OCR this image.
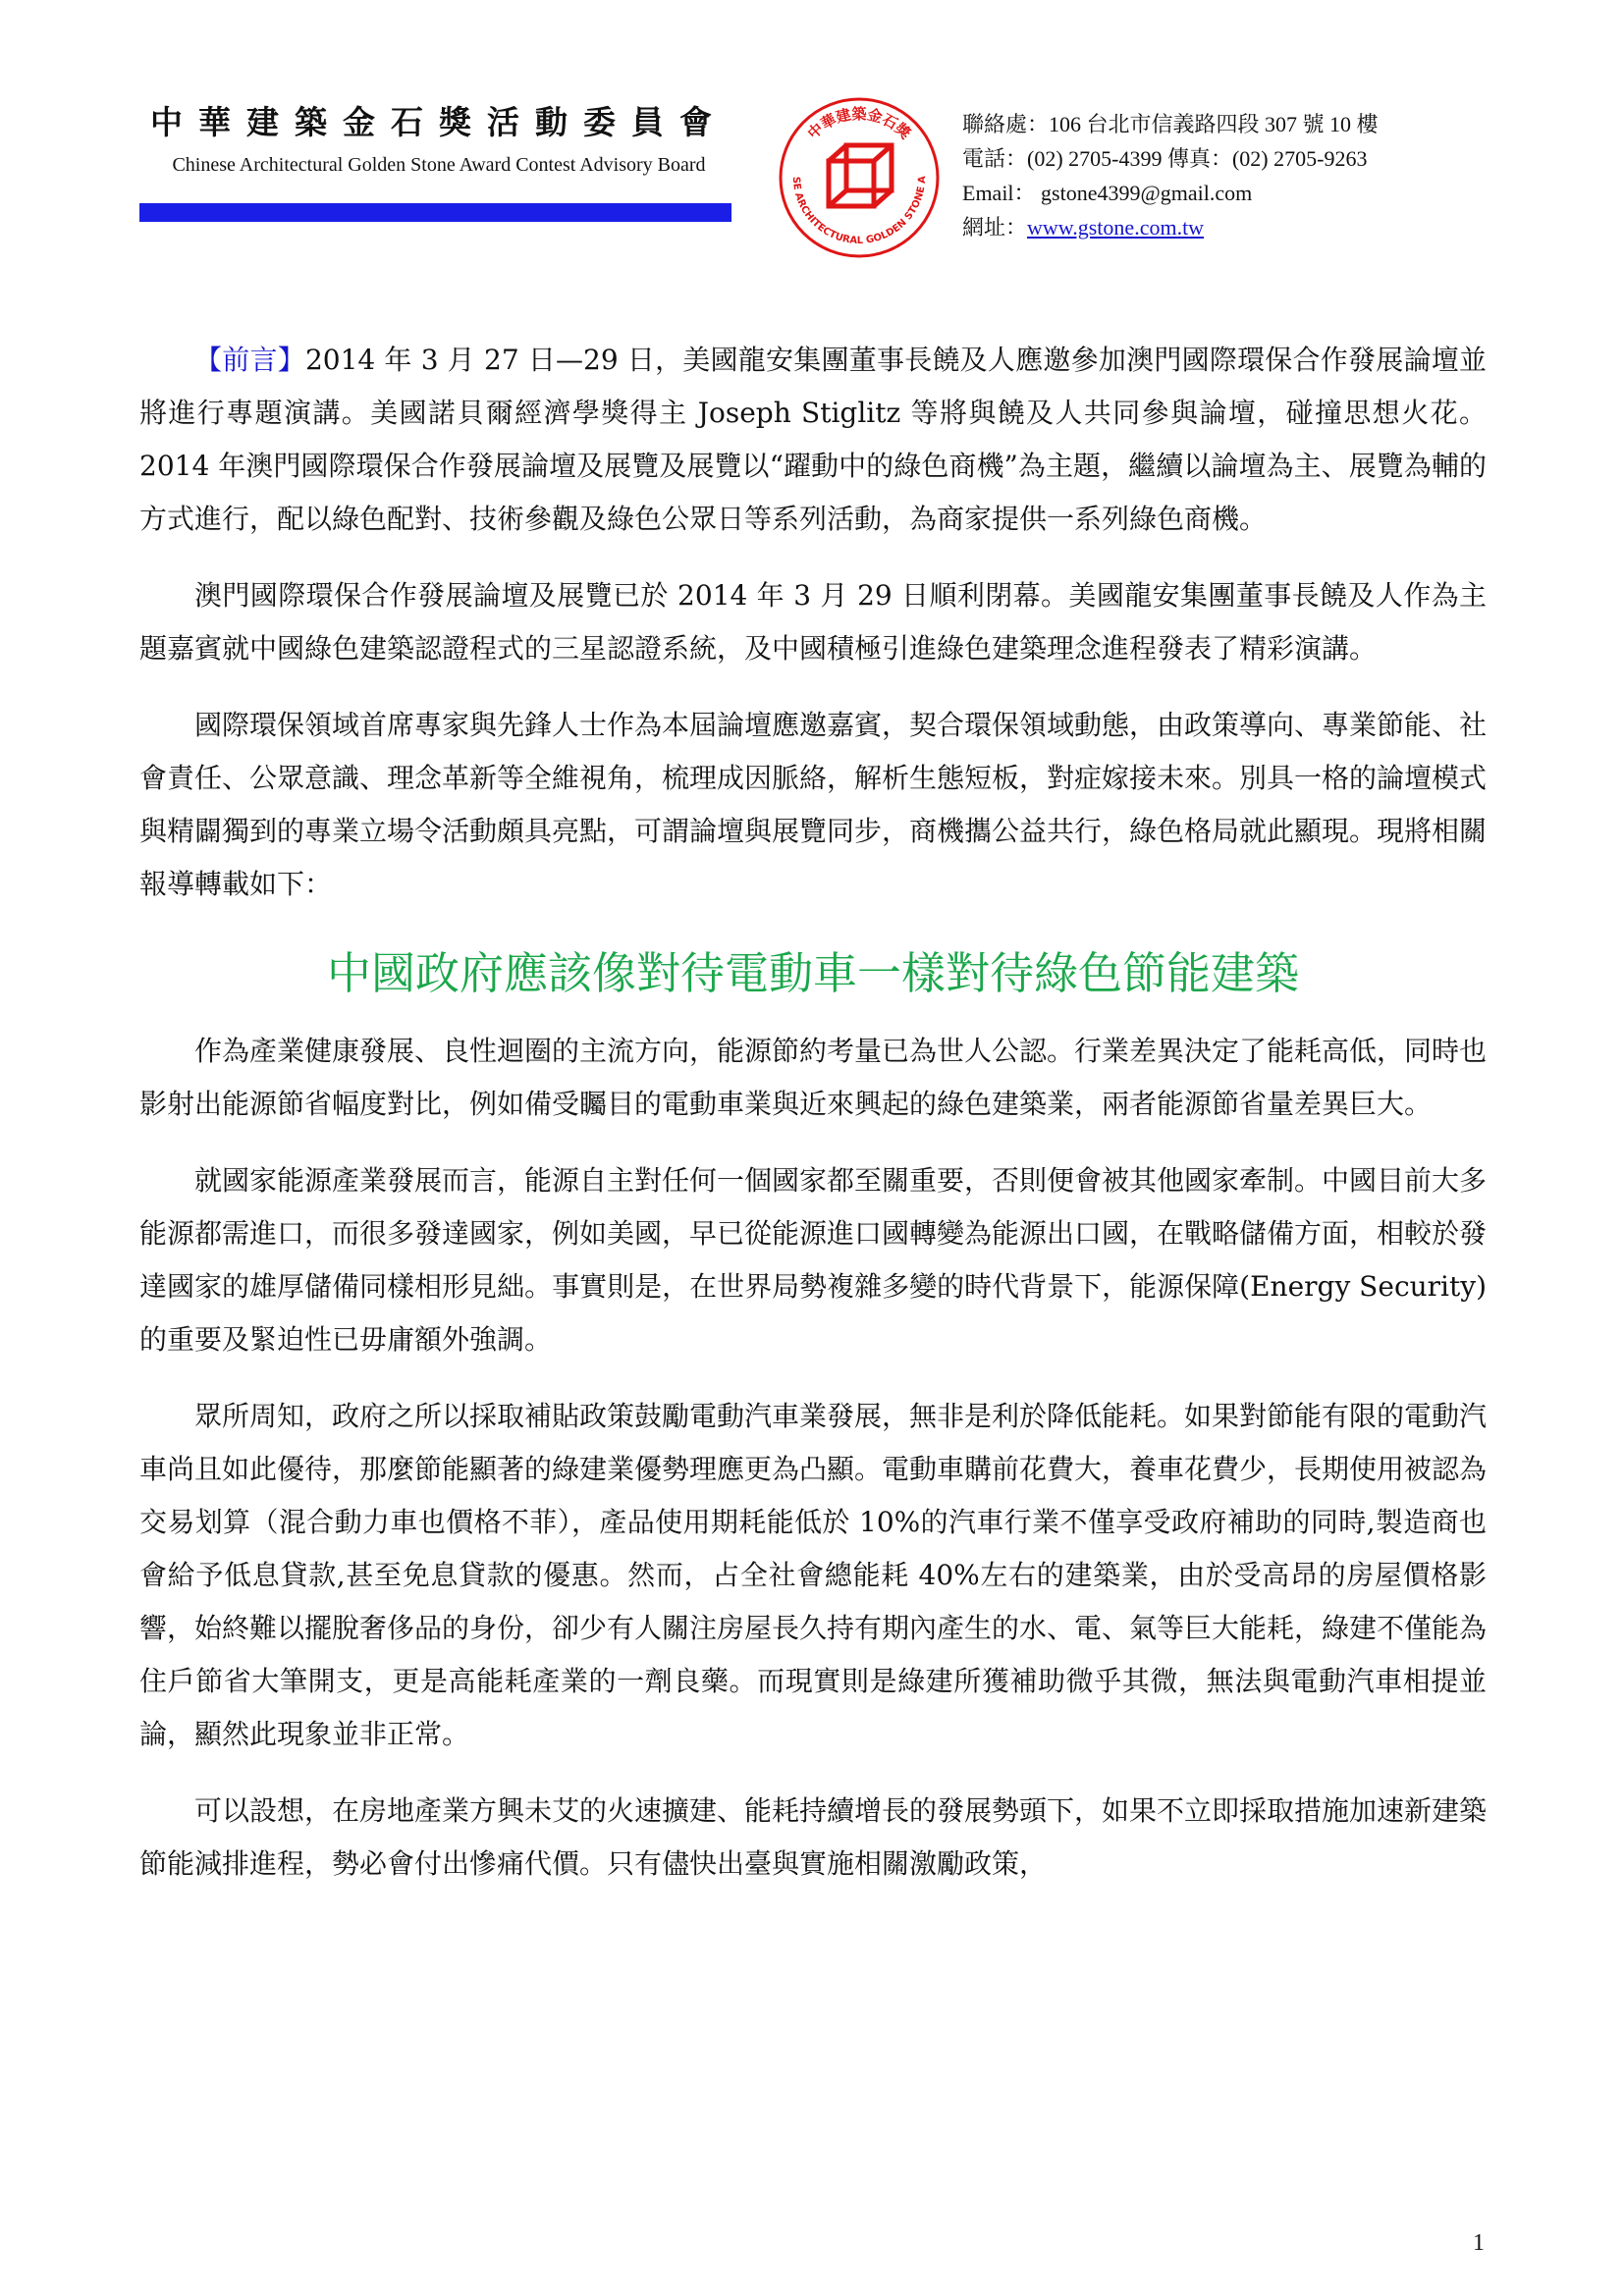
中華建築金石獎活動委員會
Chinese Architectural Golden Stone Award Contest Advisory Board
中華建築金石獎
SE ARCHITECTURAL GOLDEN STONE A
聯絡處：106 台北市信義路四段 307 號 10 樓
電話：(02) 2705-4399 傳真：(02) 2705-9263
Email： gstone4399@gmail.com
網址：www.gstone.com.tw

【前言】2014 年 3 月 27 日—29 日，美國龍安集團董事長饒及人應邀參加澳門國際環保合作發展論壇並將進行專題演講。美國諾貝爾經濟學獎得主 Joseph Stiglitz 等將與饒及人共同參與論壇，碰撞思想火花。 2014 年澳門國際環保合作發展論壇及展覽及展覽以“躍動中的綠色商機”為主題，繼續以論壇為主、展覽為輔的方式進行，配以綠色配對、技術參觀及綠色公眾日等系列活動，為商家提供一系列綠色商機。

澳門國際環保合作發展論壇及展覽已於 2014 年 3 月 29 日順利閉幕。美國龍安集團董事長饒及人作為主題嘉賓就中國綠色建築認證程式的三星認證系統，及中國積極引進綠色建築理念進程發表了精彩演講。

國際環保領域首席專家與先鋒人士作為本屆論壇應邀嘉賓，契合環保領域動態，由政策導向、專業節能、社會責任、公眾意識、理念革新等全維視角，梳理成因脈絡，解析生態短板，對症嫁接未來。別具一格的論壇模式與精闢獨到的專業立場令活動頗具亮點，可謂論壇與展覽同步，商機攜公益共行，綠色格局就此顯現。現將相關報導轉載如下：

中國政府應該像對待電動車一樣對待綠色節能建築

作為產業健康發展、良性迴圈的主流方向，能源節約考量已為世人公認。行業差異決定了能耗高低，同時也影射出能源節省幅度對比，例如備受矚目的電動車業與近來興起的綠色建築業，兩者能源節省量差異巨大。

就國家能源產業發展而言，能源自主對任何一個國家都至關重要，否則便會被其他國家牽制。中國目前大多能源都需進口，而很多發達國家，例如美國，早已從能源進口國轉變為能源出口國，在戰略儲備方面，相較於發達國家的雄厚儲備同樣相形見絀。事實則是，在世界局勢複雜多變的時代背景下，能源保障(Energy Security)的重要及緊迫性已毋庸額外強調。

眾所周知，政府之所以採取補貼政策鼓勵電動汽車業發展，無非是利於降低能耗。如果對節能有限的電動汽車尚且如此優待，那麼節能顯著的綠建業優勢理應更為凸顯。電動車購前花費大，養車花費少，長期使用被認為交易划算（混合動力車也價格不菲），產品使用期耗能低於 10%的汽車行業不僅享受政府補助的同時,製造商也會給予低息貸款,甚至免息貸款的優惠。然而，占全社會總能耗 40%左右的建築業，由於受高昂的房屋價格影響，始終難以擺脫奢侈品的身份，卻少有人關注房屋長久持有期內產生的水、電、氣等巨大能耗，綠建不僅能為住戶節省大筆開支，更是高能耗產業的一劑良藥。而現實則是綠建所獲補助微乎其微，無法與電動汽車相提並論，顯然此現象並非正常。

可以設想，在房地產業方興未艾的火速擴建、能耗持續增長的發展勢頭下，如果不立即採取措施加速新建築節能減排進程，勢必會付出慘痛代價。只有儘快出臺與實施相關激勵政策，

1
